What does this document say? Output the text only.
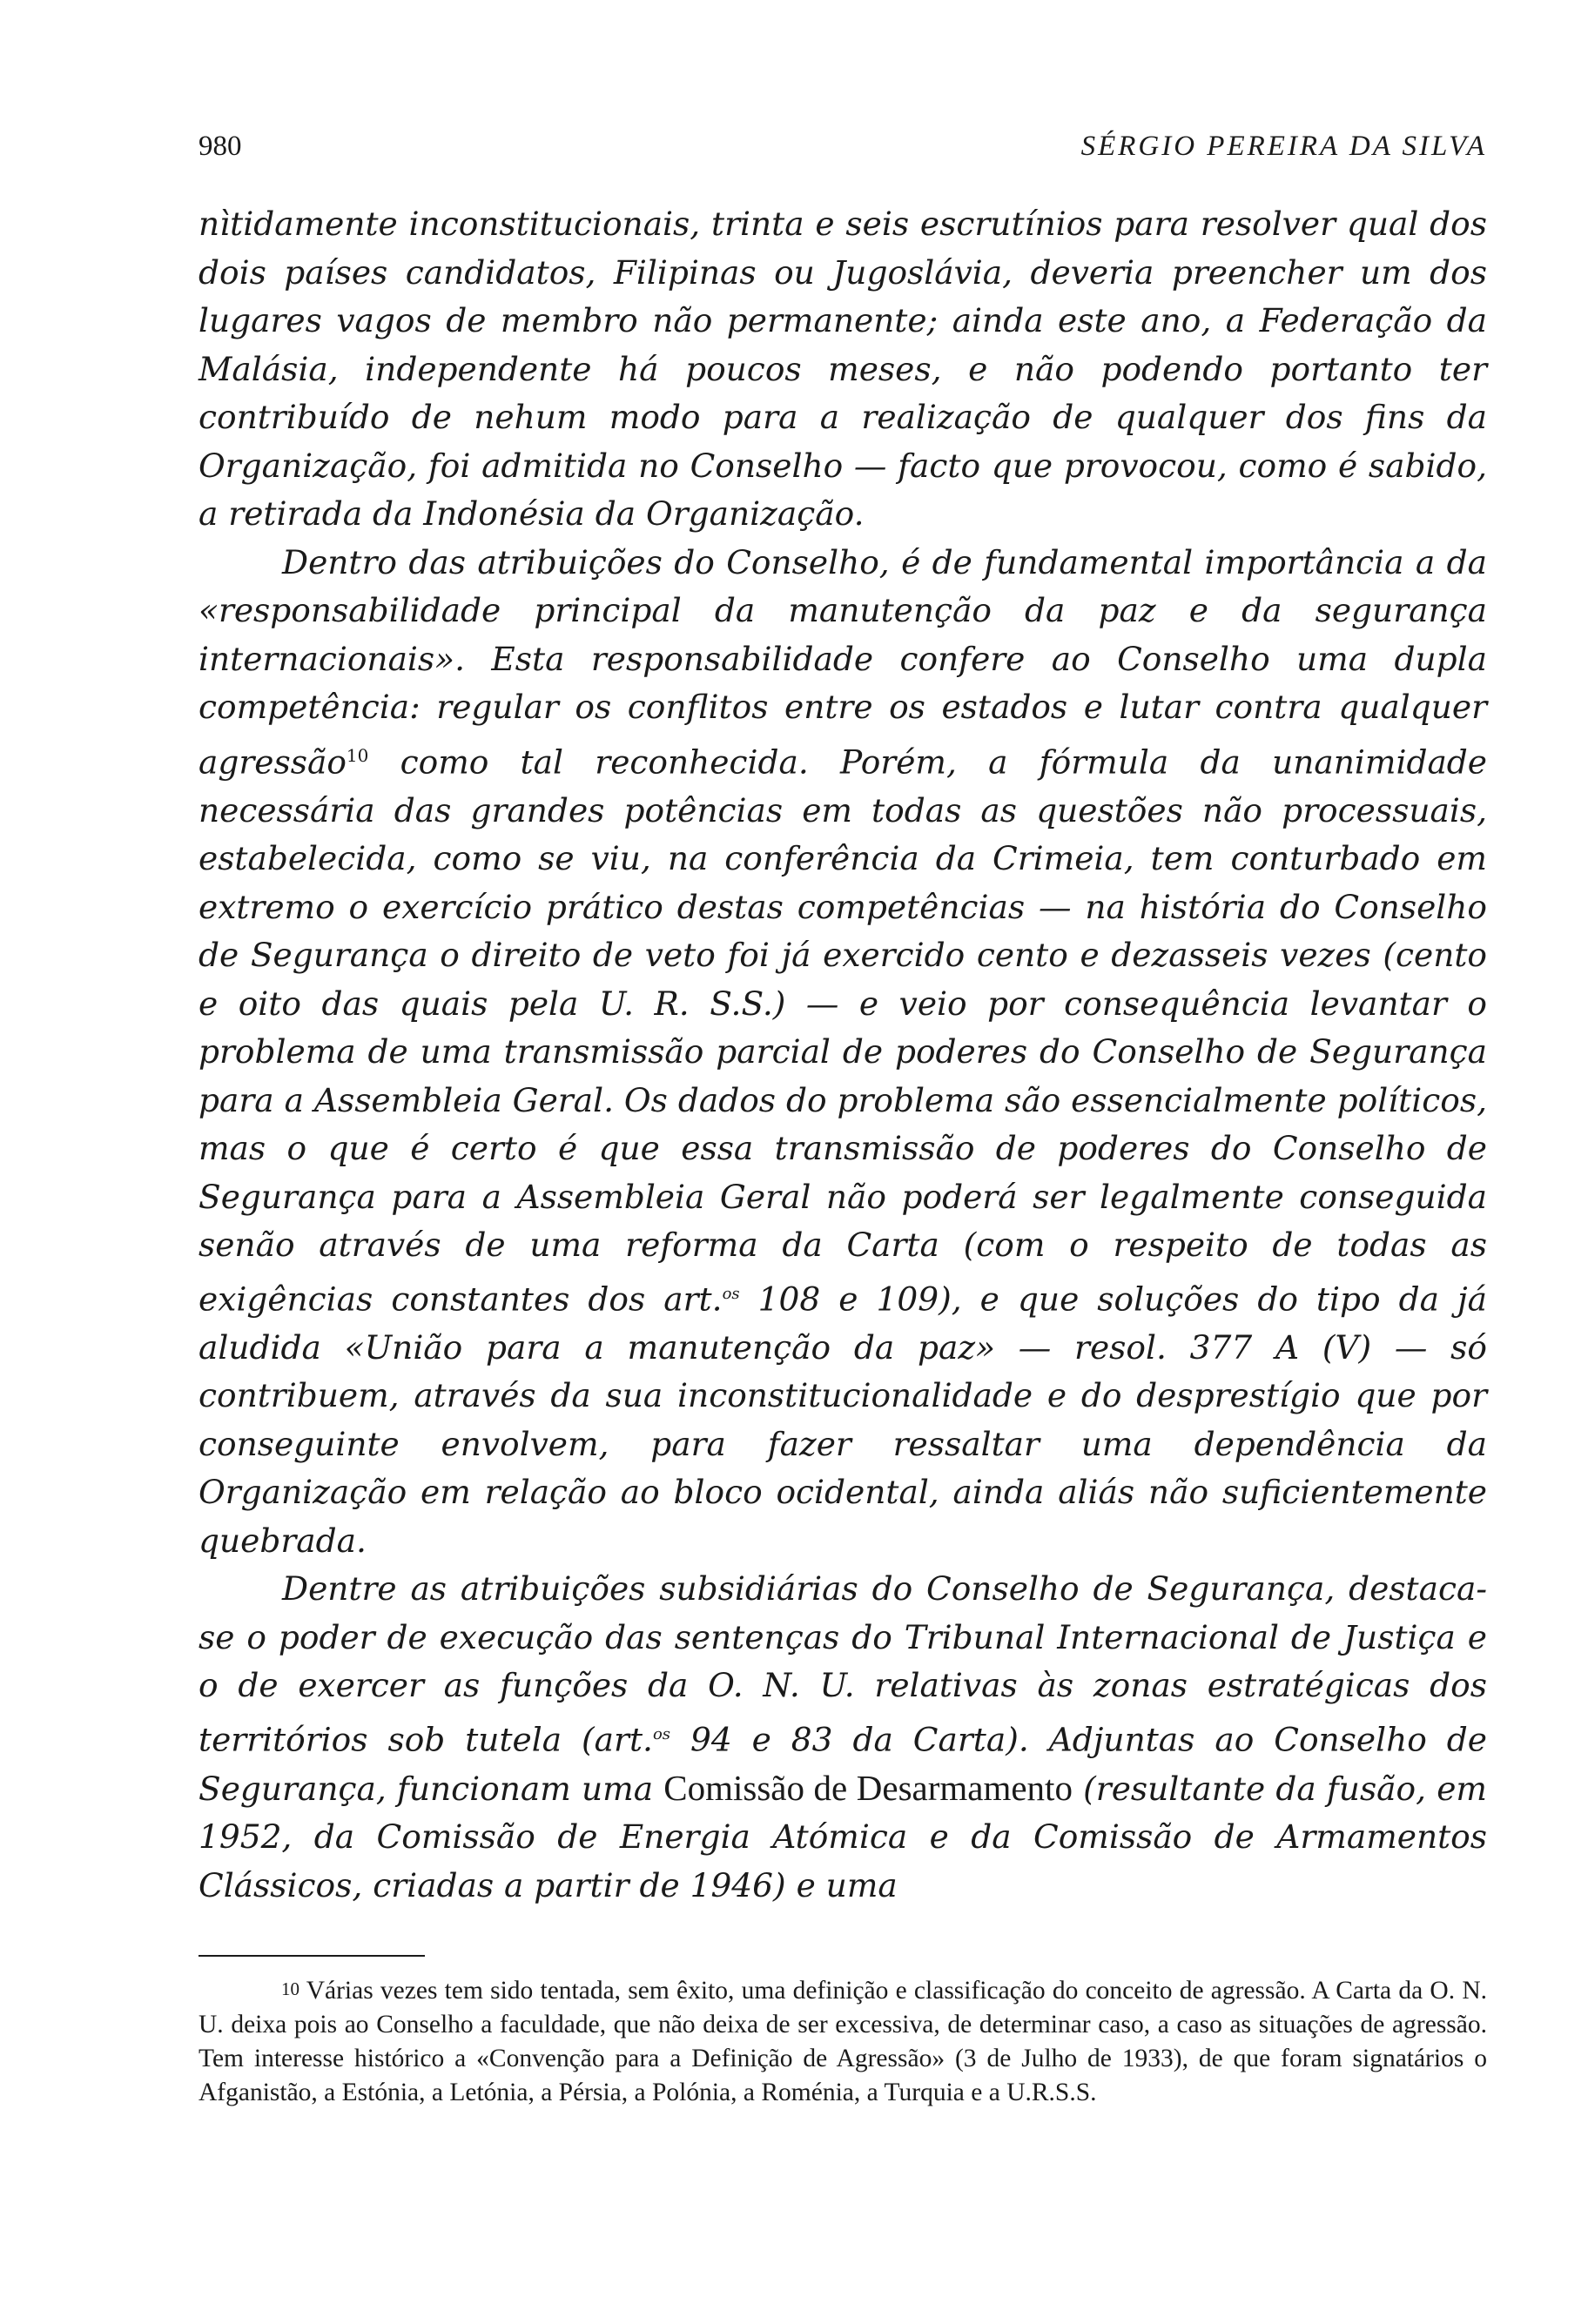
980	SÉRGIO PEREIRA DA SILVA

nìtidamente inconstitucionais, trinta e seis escrutínios para resolver qual dos dois países candidatos, Filipinas ou Jugoslávia, deveria preencher um dos lugares vagos de membro não permanente; ainda este ano, a Federação da Malásia, independente há poucos meses, e não podendo portanto ter contribuído de nehum modo para a realização de qualquer dos fins da Organização, foi admitida no Conselho — facto que provocou, como é sabido, a retirada da Indonésia da Organização.

Dentro das atribuições do Conselho, é de fundamental importância a da «responsabilidade principal da manutenção da paz e da segurança internacionais». Esta responsabilidade confere ao Conselho uma dupla competência: regular os conflitos entre os estados e lutar contra qualquer agressão$^{10}$ como tal reconhecida. Porém, a fórmula da unanimidade necessária das grandes potências em todas as questões não processuais, estabelecida, como se viu, na conferência da Crimeia, tem conturbado em extremo o exercício prático destas competências — na história do Conselho de Segurança o direito de veto foi já exercido cento e dezasseis vezes (cento e oito das quais pela U. R. S.S.) — e veio por consequência levantar o problema de uma transmissão parcial de poderes do Conselho de Segurança para a Assembleia Geral. Os dados do problema são essencialmente políticos, mas o que é certo é que essa transmissão de poderes do Conselho de Segurança para a Assembleia Geral não poderá ser legalmente conseguida senão através de uma reforma da Carta (com o respeito de todas as exigências constantes dos art.$^{os}$ 108 e 109), e que soluções do tipo da já aludida «União para a manutenção da paz» — resol. 377 A (V) — só contribuem, através da sua inconstitucionalidade e do desprestígio que por conseguinte envolvem, para fazer ressaltar uma dependência da Organização em relação ao bloco ocidental, ainda aliás não suficientemente quebrada.

Dentre as atribuições subsidiárias do Conselho de Segurança, destaca-se o poder de execução das sentenças do Tribunal Internacional de Justiça e o de exercer as funções da O. N. U. relativas às zonas estratégicas dos territórios sob tutela (art.$^{os}$ 94 e 83 da Carta). Adjuntas ao Conselho de Segurança, funcionam uma Comissão de Desarmamento (resultante da fusão, em 1952, da Comissão de Energia Atómica e da Comissão de Armamentos Clássicos, criadas a partir de 1946) e uma

$^{10}$ Várias vezes tem sido tentada, sem êxito, uma definição e classificação do conceito de agressão. A Carta da O. N. U. deixa pois ao Conselho a faculdade, que não deixa de ser excessiva, de determinar caso, a caso as situações de agressão. Tem interesse histórico a «Convenção para a Definição de Agressão» (3 de Julho de 1933), de que foram signatários o Afganistão, a Estónia, a Letónia, a Pérsia, a Polónia, a Roménia, a Turquia e a U.R.S.S.
